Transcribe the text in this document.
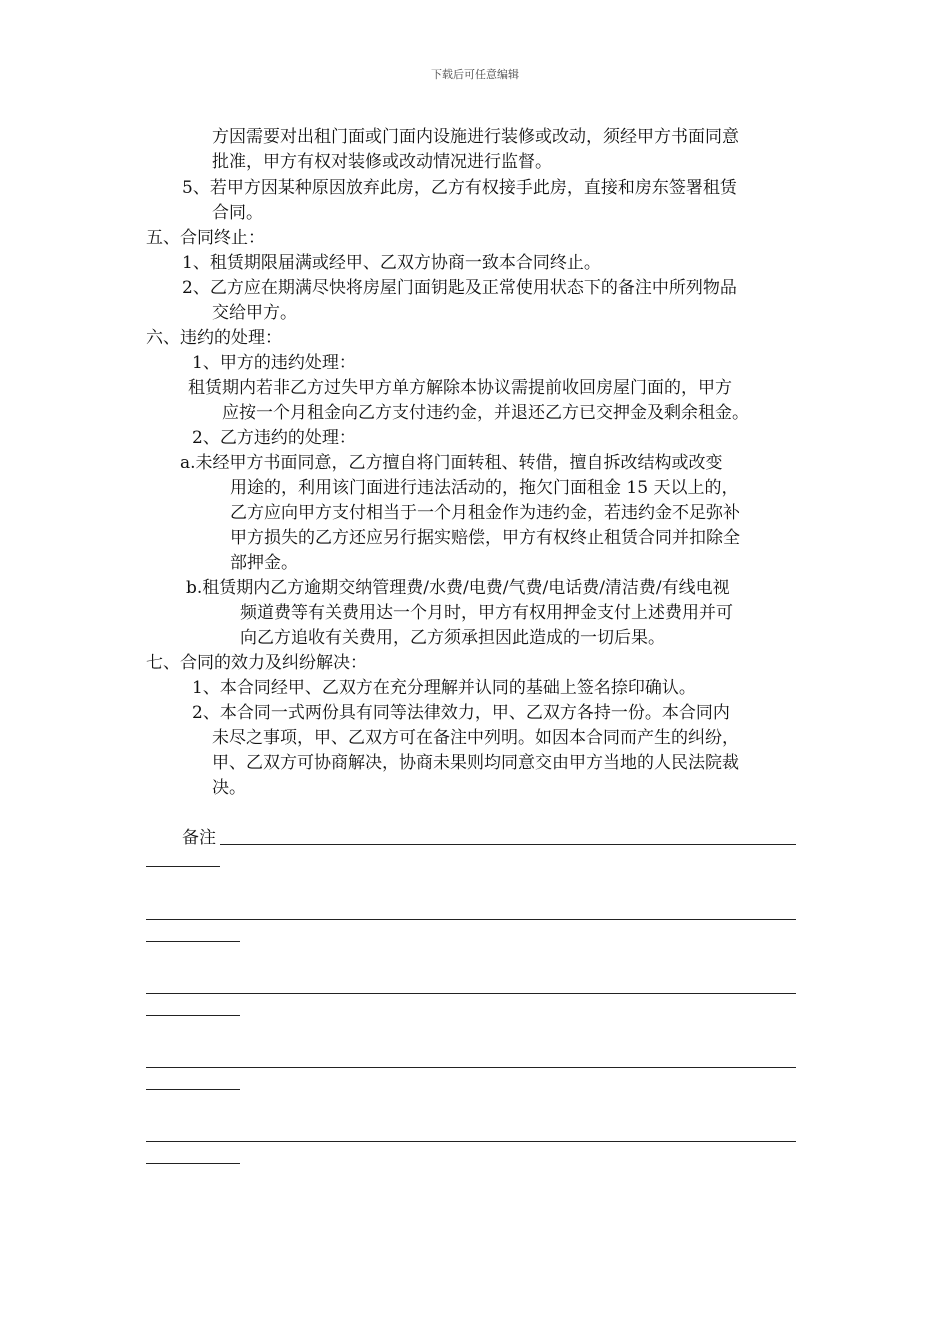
下载后可任意编辑
方因需要对出租门面或门面内设施进行装修或改动，须经甲方书面同意
批准，甲方有权对装修或改动情况进行监督。
5、若甲方因某种原因放弃此房，乙方有权接手此房，直接和房东签署租赁
合同。
五、合同终止：
1、租赁期限届满或经甲、乙双方协商一致本合同终止。
2、乙方应在期满尽快将房屋门面钥匙及正常使用状态下的备注中所列物品
交给甲方。
六、违约的处理：
1、甲方的违约处理：
租赁期内若非乙方过失甲方单方解除本协议需提前收回房屋门面的，甲方
应按一个月租金向乙方支付违约金，并退还乙方已交押金及剩余租金。
2、乙方违约的处理：
a.未经甲方书面同意，乙方擅自将门面转租、转借，擅自拆改结构或改变
用途的，利用该门面进行违法活动的，拖欠门面租金 15 天以上的，
乙方应向甲方支付相当于一个月租金作为违约金，若违约金不足弥补
甲方损失的乙方还应另行据实赔偿，甲方有权终止租赁合同并扣除全
部押金。
b.租赁期内乙方逾期交纳管理费/水费/电费/气费/电话费/清洁费/有线电视
频道费等有关费用达一个月时，甲方有权用押金支付上述费用并可
向乙方追收有关费用，乙方须承担因此造成的一切后果。
七、合同的效力及纠纷解决：
1、本合同经甲、乙双方在充分理解并认同的基础上签名捺印确认。
2、本合同一式两份具有同等法律效力，甲、乙双方各持一份。本合同内
未尽之事项，甲、乙双方可在备注中列明。如因本合同而产生的纠纷，
甲、乙双方可协商解决，协商未果则均同意交由甲方当地的人民法院裁
决。
备注
